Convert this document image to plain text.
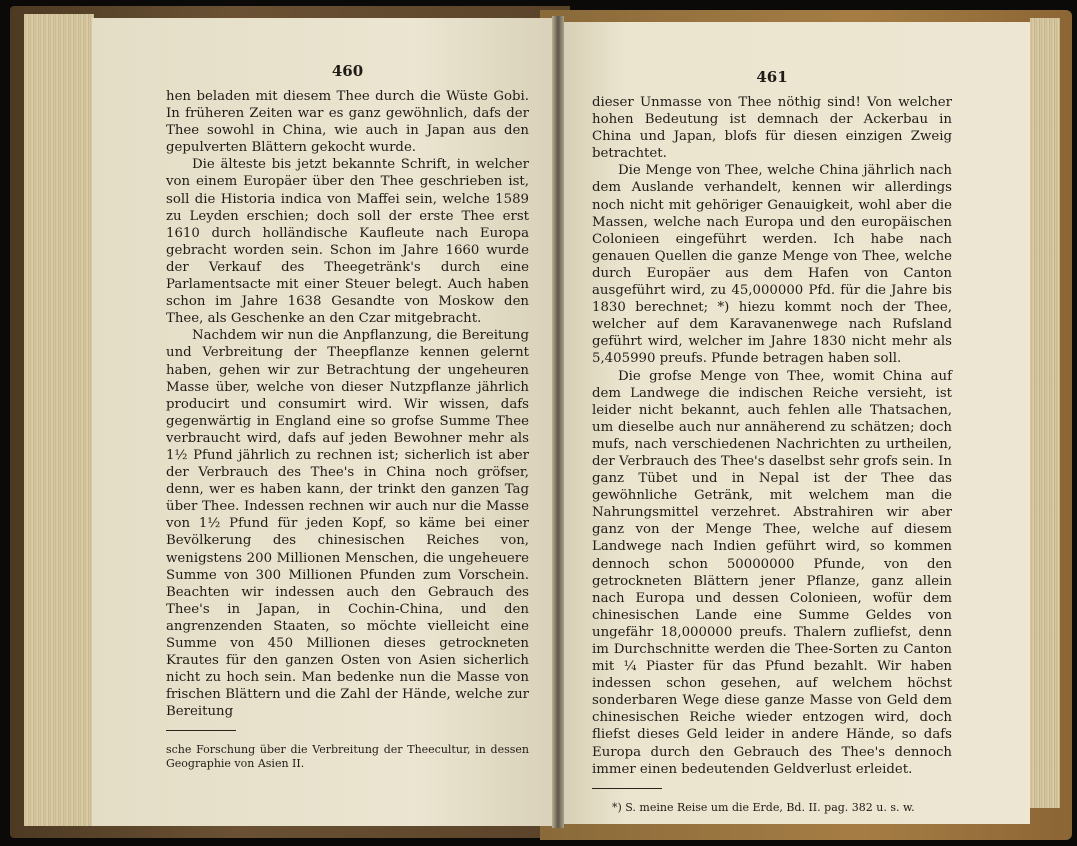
460

hen beladen mit diesem Thee durch die Wüste Gobi. In früheren Zeiten war es ganz gewöhnlich, dafs der Thee sowohl in China, wie auch in Japan aus den gepulverten Blättern gekocht wurde.

Die älteste bis jetzt bekannte Schrift, in welcher von einem Europäer über den Thee geschrieben ist, soll die Historia indica von Maffei sein, welche 1589 zu Leyden erschien; doch soll der erste Thee erst 1610 durch holländische Kaufleute nach Europa gebracht worden sein. Schon im Jahre 1660 wurde der Verkauf des Theegetränk's durch eine Parlamentsacte mit einer Steuer belegt. Auch haben schon im Jahre 1638 Gesandte von Moskow den Thee, als Geschenke an den Czar mitgebracht.

Nachdem wir nun die Anpflanzung, die Bereitung und Verbreitung der Theepflanze kennen gelernt haben, gehen wir zur Betrachtung der ungeheuren Masse über, welche von dieser Nutzpflanze jährlich producirt und consumirt wird. Wir wissen, dafs gegenwärtig in England eine so grofse Summe Thee verbraucht wird, dafs auf jeden Bewohner mehr als 1½ Pfund jährlich zu rechnen ist; sicherlich ist aber der Verbrauch des Thee's in China noch gröfser, denn, wer es haben kann, der trinkt den ganzen Tag über Thee. Indessen rechnen wir auch nur die Masse von 1½ Pfund für jeden Kopf, so käme bei einer Bevölkerung des chinesischen Reiches von, wenigstens 200 Millionen Menschen, die ungeheuere Summe von 300 Millionen Pfunden zum Vorschein. Beachten wir indessen auch den Gebrauch des Thee's in Japan, in Cochin-China, und den angrenzenden Staaten, so möchte vielleicht eine Summe von 450 Millionen dieses getrockneten Krautes für den ganzen Osten von Asien sicherlich nicht zu hoch sein. Man bedenke nun die Masse von frischen Blättern und die Zahl der Hände, welche zur Bereitung

sche Forschung über die Verbreitung der Theecultur, in dessen Geographie von Asien II.

461

dieser Unmasse von Thee nöthig sind! Von welcher hohen Bedeutung ist demnach der Ackerbau in China und Japan, blofs für diesen einzigen Zweig betrachtet.

Die Menge von Thee, welche China jährlich nach dem Auslande verhandelt, kennen wir allerdings noch nicht mit gehöriger Genauigkeit, wohl aber die Massen, welche nach Europa und den europäischen Colonieen eingeführt werden. Ich habe nach genauen Quellen die ganze Menge von Thee, welche durch Europäer aus dem Hafen von Canton ausgeführt wird, zu 45,000000 Pfd. für die Jahre bis 1830 berechnet; *) hiezu kommt noch der Thee, welcher auf dem Karavanenwege nach Rufsland geführt wird, welcher im Jahre 1830 nicht mehr als 5,405990 preufs. Pfunde betragen haben soll.

Die grofse Menge von Thee, womit China auf dem Landwege die indischen Reiche versieht, ist leider nicht bekannt, auch fehlen alle Thatsachen, um dieselbe auch nur annäherend zu schätzen; doch mufs, nach verschiedenen Nachrichten zu urtheilen, der Verbrauch des Thee's daselbst sehr grofs sein. In ganz Tübet und in Nepal ist der Thee das gewöhnliche Getränk, mit welchem man die Nahrungsmittel verzehret. Abstrahiren wir aber ganz von der Menge Thee, welche auf diesem Landwege nach Indien geführt wird, so kommen dennoch schon 50000000 Pfunde, von den getrockneten Blättern jener Pflanze, ganz allein nach Europa und dessen Colonieen, wofür dem chinesischen Lande eine Summe Geldes von ungefähr 18,000000 preufs. Thalern zufliefst, denn im Durchschnitte werden die Thee-Sorten zu Canton mit ¼ Piaster für das Pfund bezahlt. Wir haben indessen schon gesehen, auf welchem höchst sonderbaren Wege diese ganze Masse von Geld dem chinesischen Reiche wieder entzogen wird, doch fliefst dieses Geld leider in andere Hände, so dafs Europa durch den Gebrauch des Thee's dennoch immer einen bedeutenden Geldverlust erleidet.

*) S. meine Reise um die Erde, Bd. II. pag. 382 u. s. w.
